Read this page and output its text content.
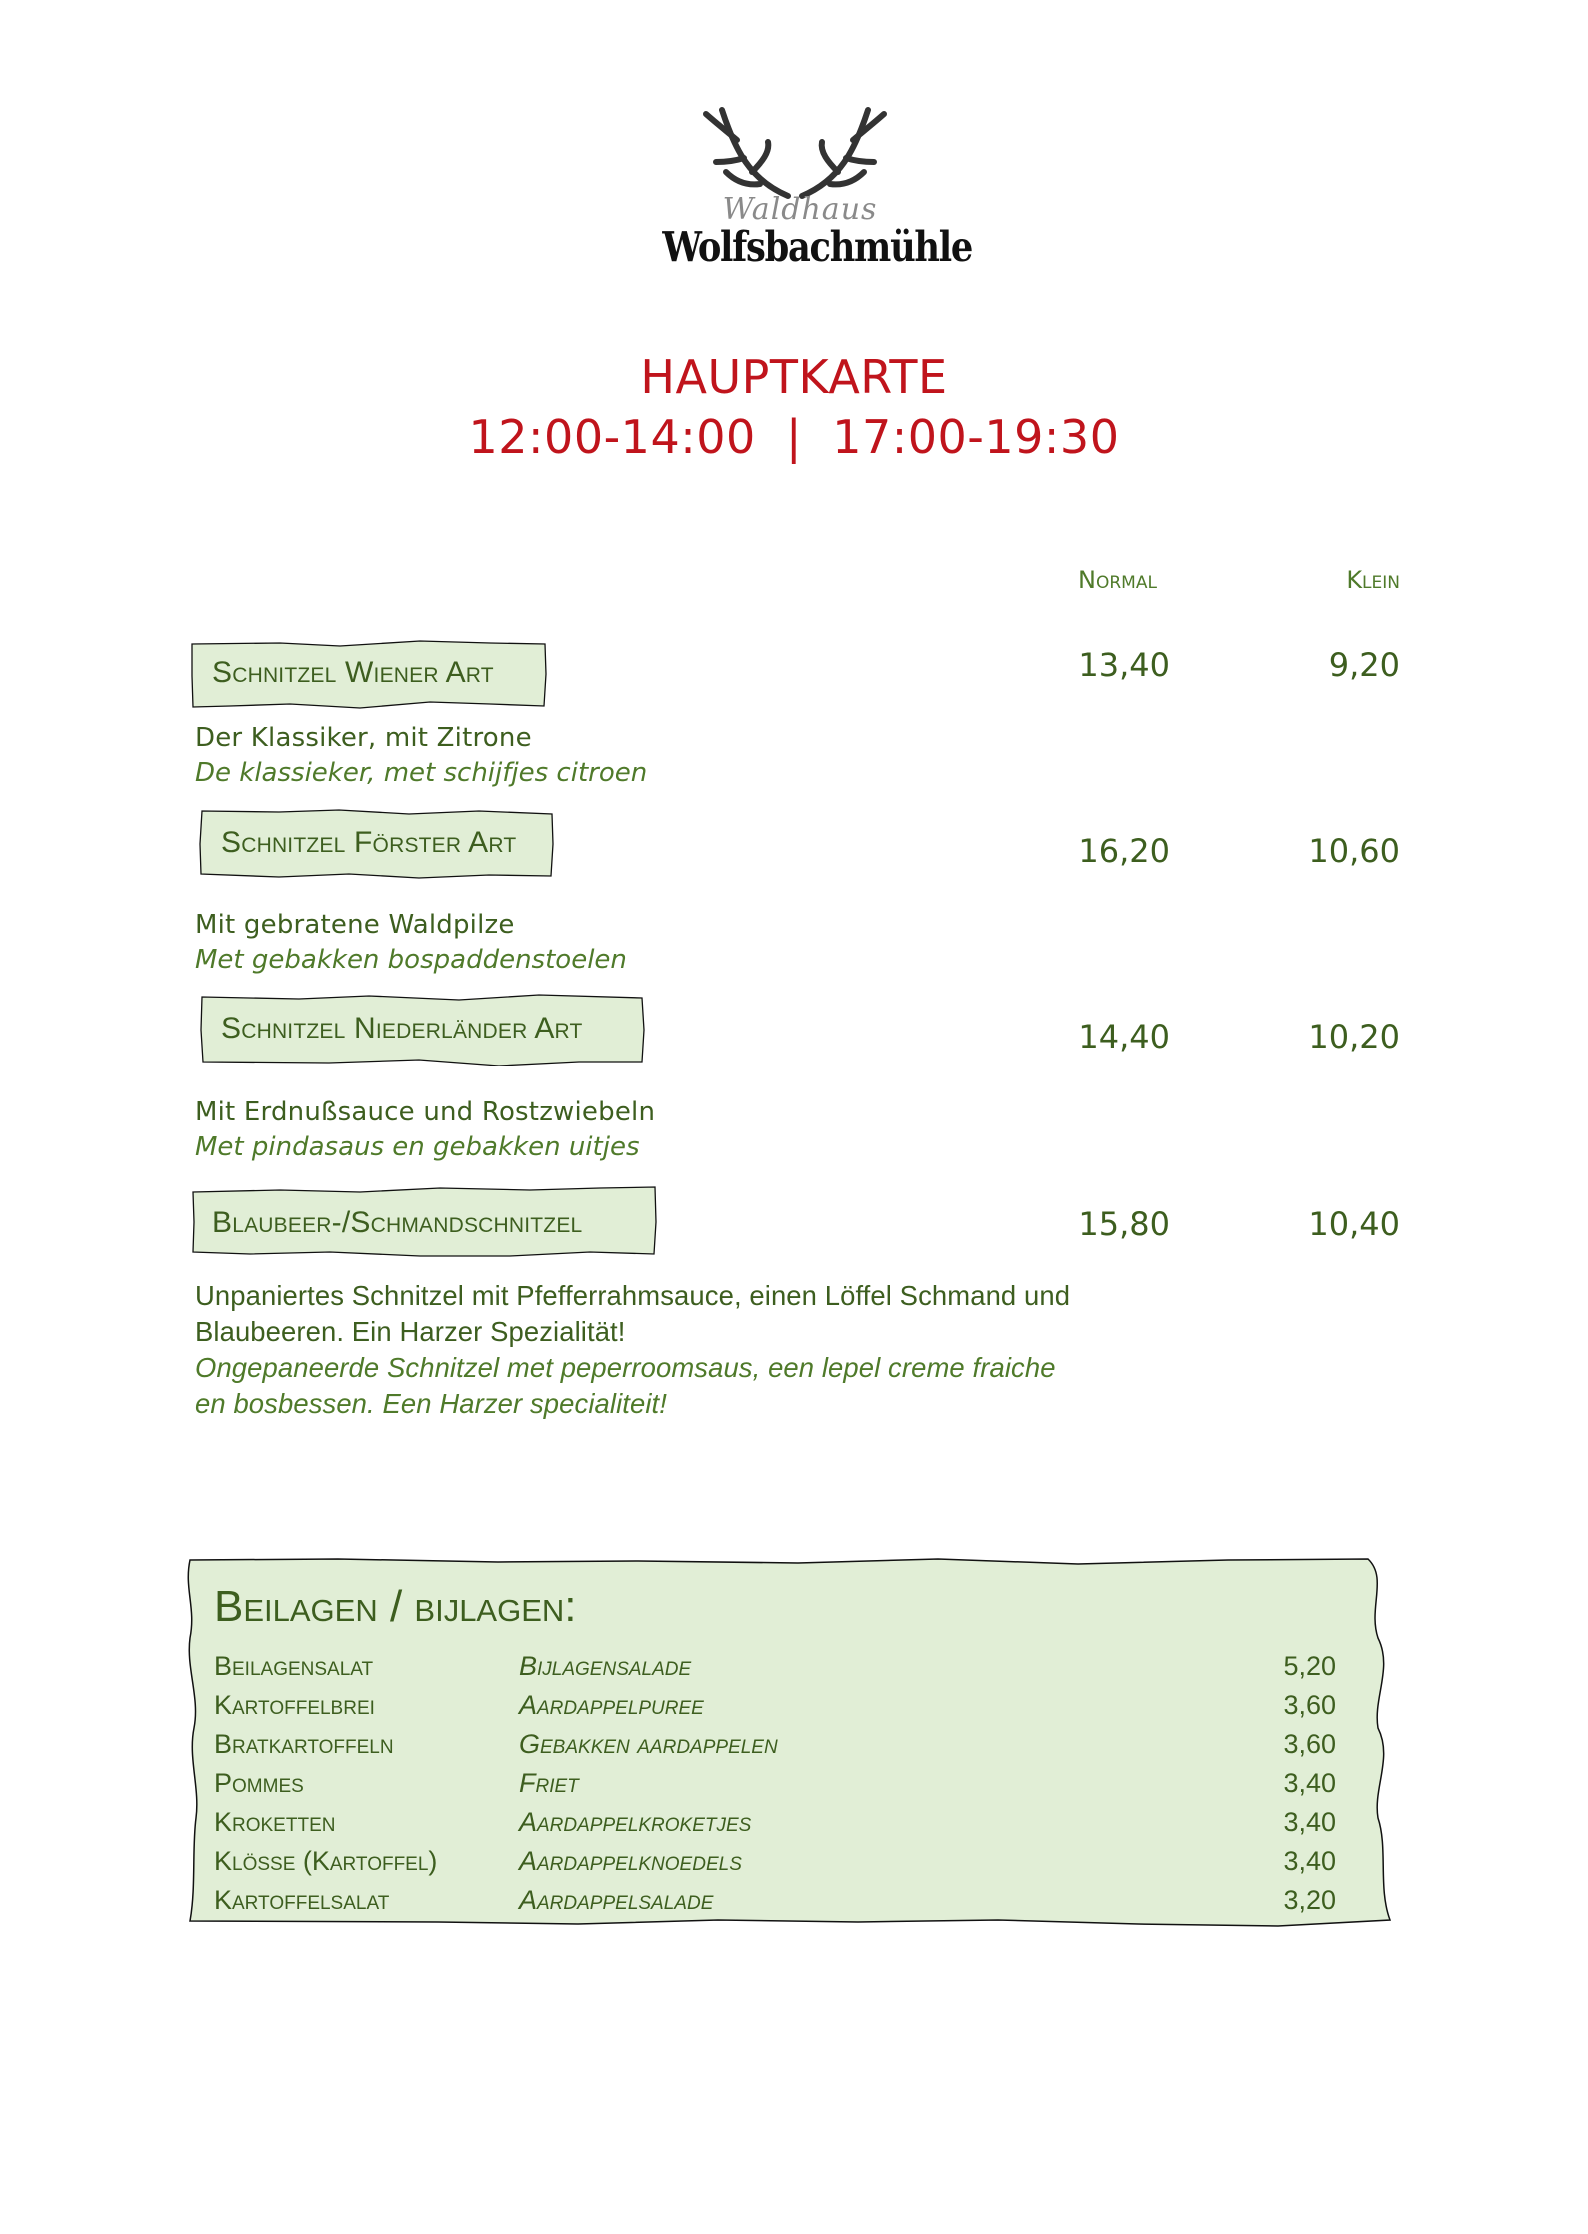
Waldhaus
Wolfsbachmühle
HAUPTKARTE
12:00-14:00  |  17:00-19:30
Normal	Klein
Schnitzel Wiener Art	13,40	9,20
Der Klassiker, mit Zitrone
De klassieker, met schijfjes citroen
Schnitzel Förster Art	16,20	10,60
Mit gebratene Waldpilze
Met gebakken bospaddenstoelen
Schnitzel Niederländer Art	14,40	10,20
Mit Erdnußsauce und Rostzwiebeln
Met pindasaus en gebakken uitjes
Blaubeer-/Schmandschnitzel	15,80	10,40
Unpaniertes Schnitzel mit Pfefferrahmsauce, einen Löffel Schmand und
Blaubeeren. Ein Harzer Spezialität!
Ongepaneerde Schnitzel met peperroomsaus, een lepel creme fraiche
en bosbessen. Een Harzer specialiteit!
Beilagen / bijlagen:
Beilagensalat	Bijlagensalade	5,20
Kartoffelbrei	Aardappelpuree	3,60
Bratkartoffeln	Gebakken aardappelen	3,60
Pommes	Friet	3,40
Kroketten	Aardappelkroketjes	3,40
Klöße (Kartoffel)	Aardappelknoedels	3,40
Kartoffelsalat	Aardappelsalade	3,20
